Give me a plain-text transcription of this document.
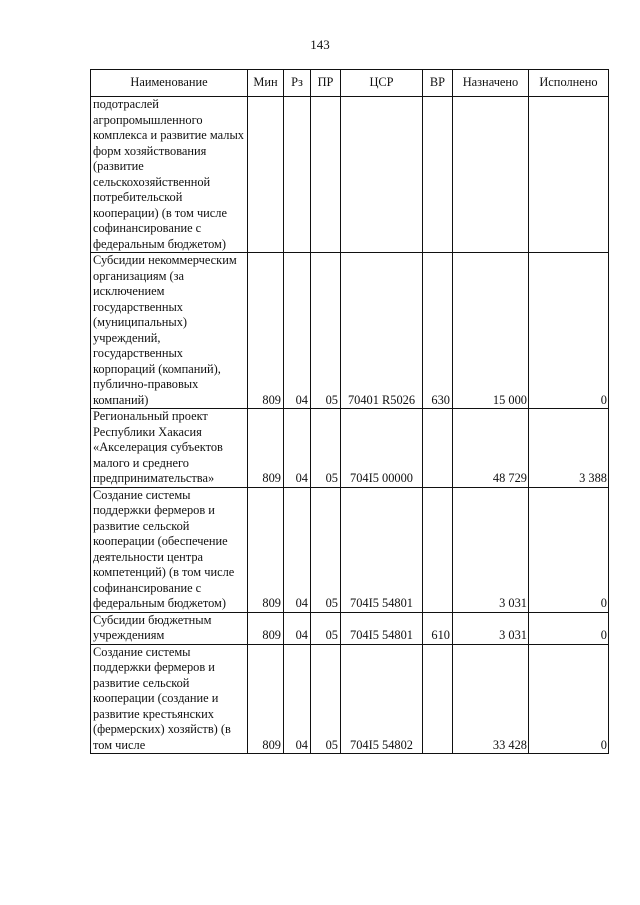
143
Наименование	Мин	Рз	ПР	ЦСР	ВР	Назначено	Исполнено
подотраслей агропромышленного комплекса и развитие малых форм хозяйствования (развитие сельскохозяйственной потребительской кооперации) (в том числе софинансирование с федеральным бюджетом)							
Субсидии некоммерческим организациям (за исключением государственных (муниципальных) учреждений, государственных корпораций (компаний), публично-правовых компаний)	809	04	05	70401 R5026	630	15 000	0
Региональный проект Республики Хакасия «Акселерация субъектов малого и среднего предпринимательства»	809	04	05	704I5 00000		48 729	3 388
Создание системы поддержки фермеров и развитие сельской кооперации (обеспечение деятельности центра компетенций) (в том числе софинансирование с федеральным бюджетом)	809	04	05	704I5 54801		3 031	0
Субсидии бюджетным учреждениям	809	04	05	704I5 54801	610	3 031	0
Создание системы поддержки фермеров и развитие сельской кооперации (создание и развитие крестьянских (фермерских) хозяйств) (в том числе	809	04	05	704I5 54802		33 428	0
